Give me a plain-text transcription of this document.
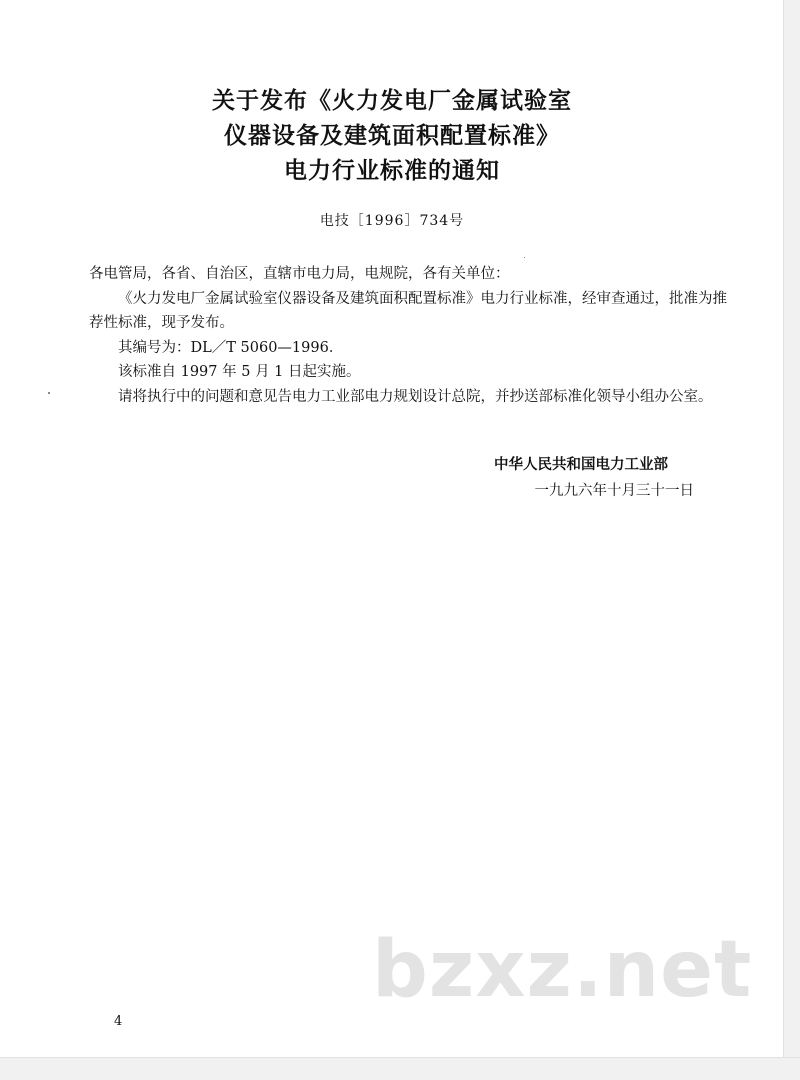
关于发布《火力发电厂金属试验室
仪器设备及建筑面积配置标准》
电力行业标准的通知
电技［1996］734号

各电管局，各省、自治区，直辖市电力局，电规院，各有关单位：

《火力发电厂金属试验室仪器设备及建筑面积配置标准》电力行业标准，经审查通过，批准为推荐性标准，现予发布。

其编号为：DL／T 5060—1996．

该标准自 1997 年 5 月 1 日起实施。

请将执行中的问题和意见告电力工业部电力规划设计总院，并抄送部标准化领导小组办公室。

中华人民共和国电力工业部
一九九六年十月三十一日
bzxz.net
4
